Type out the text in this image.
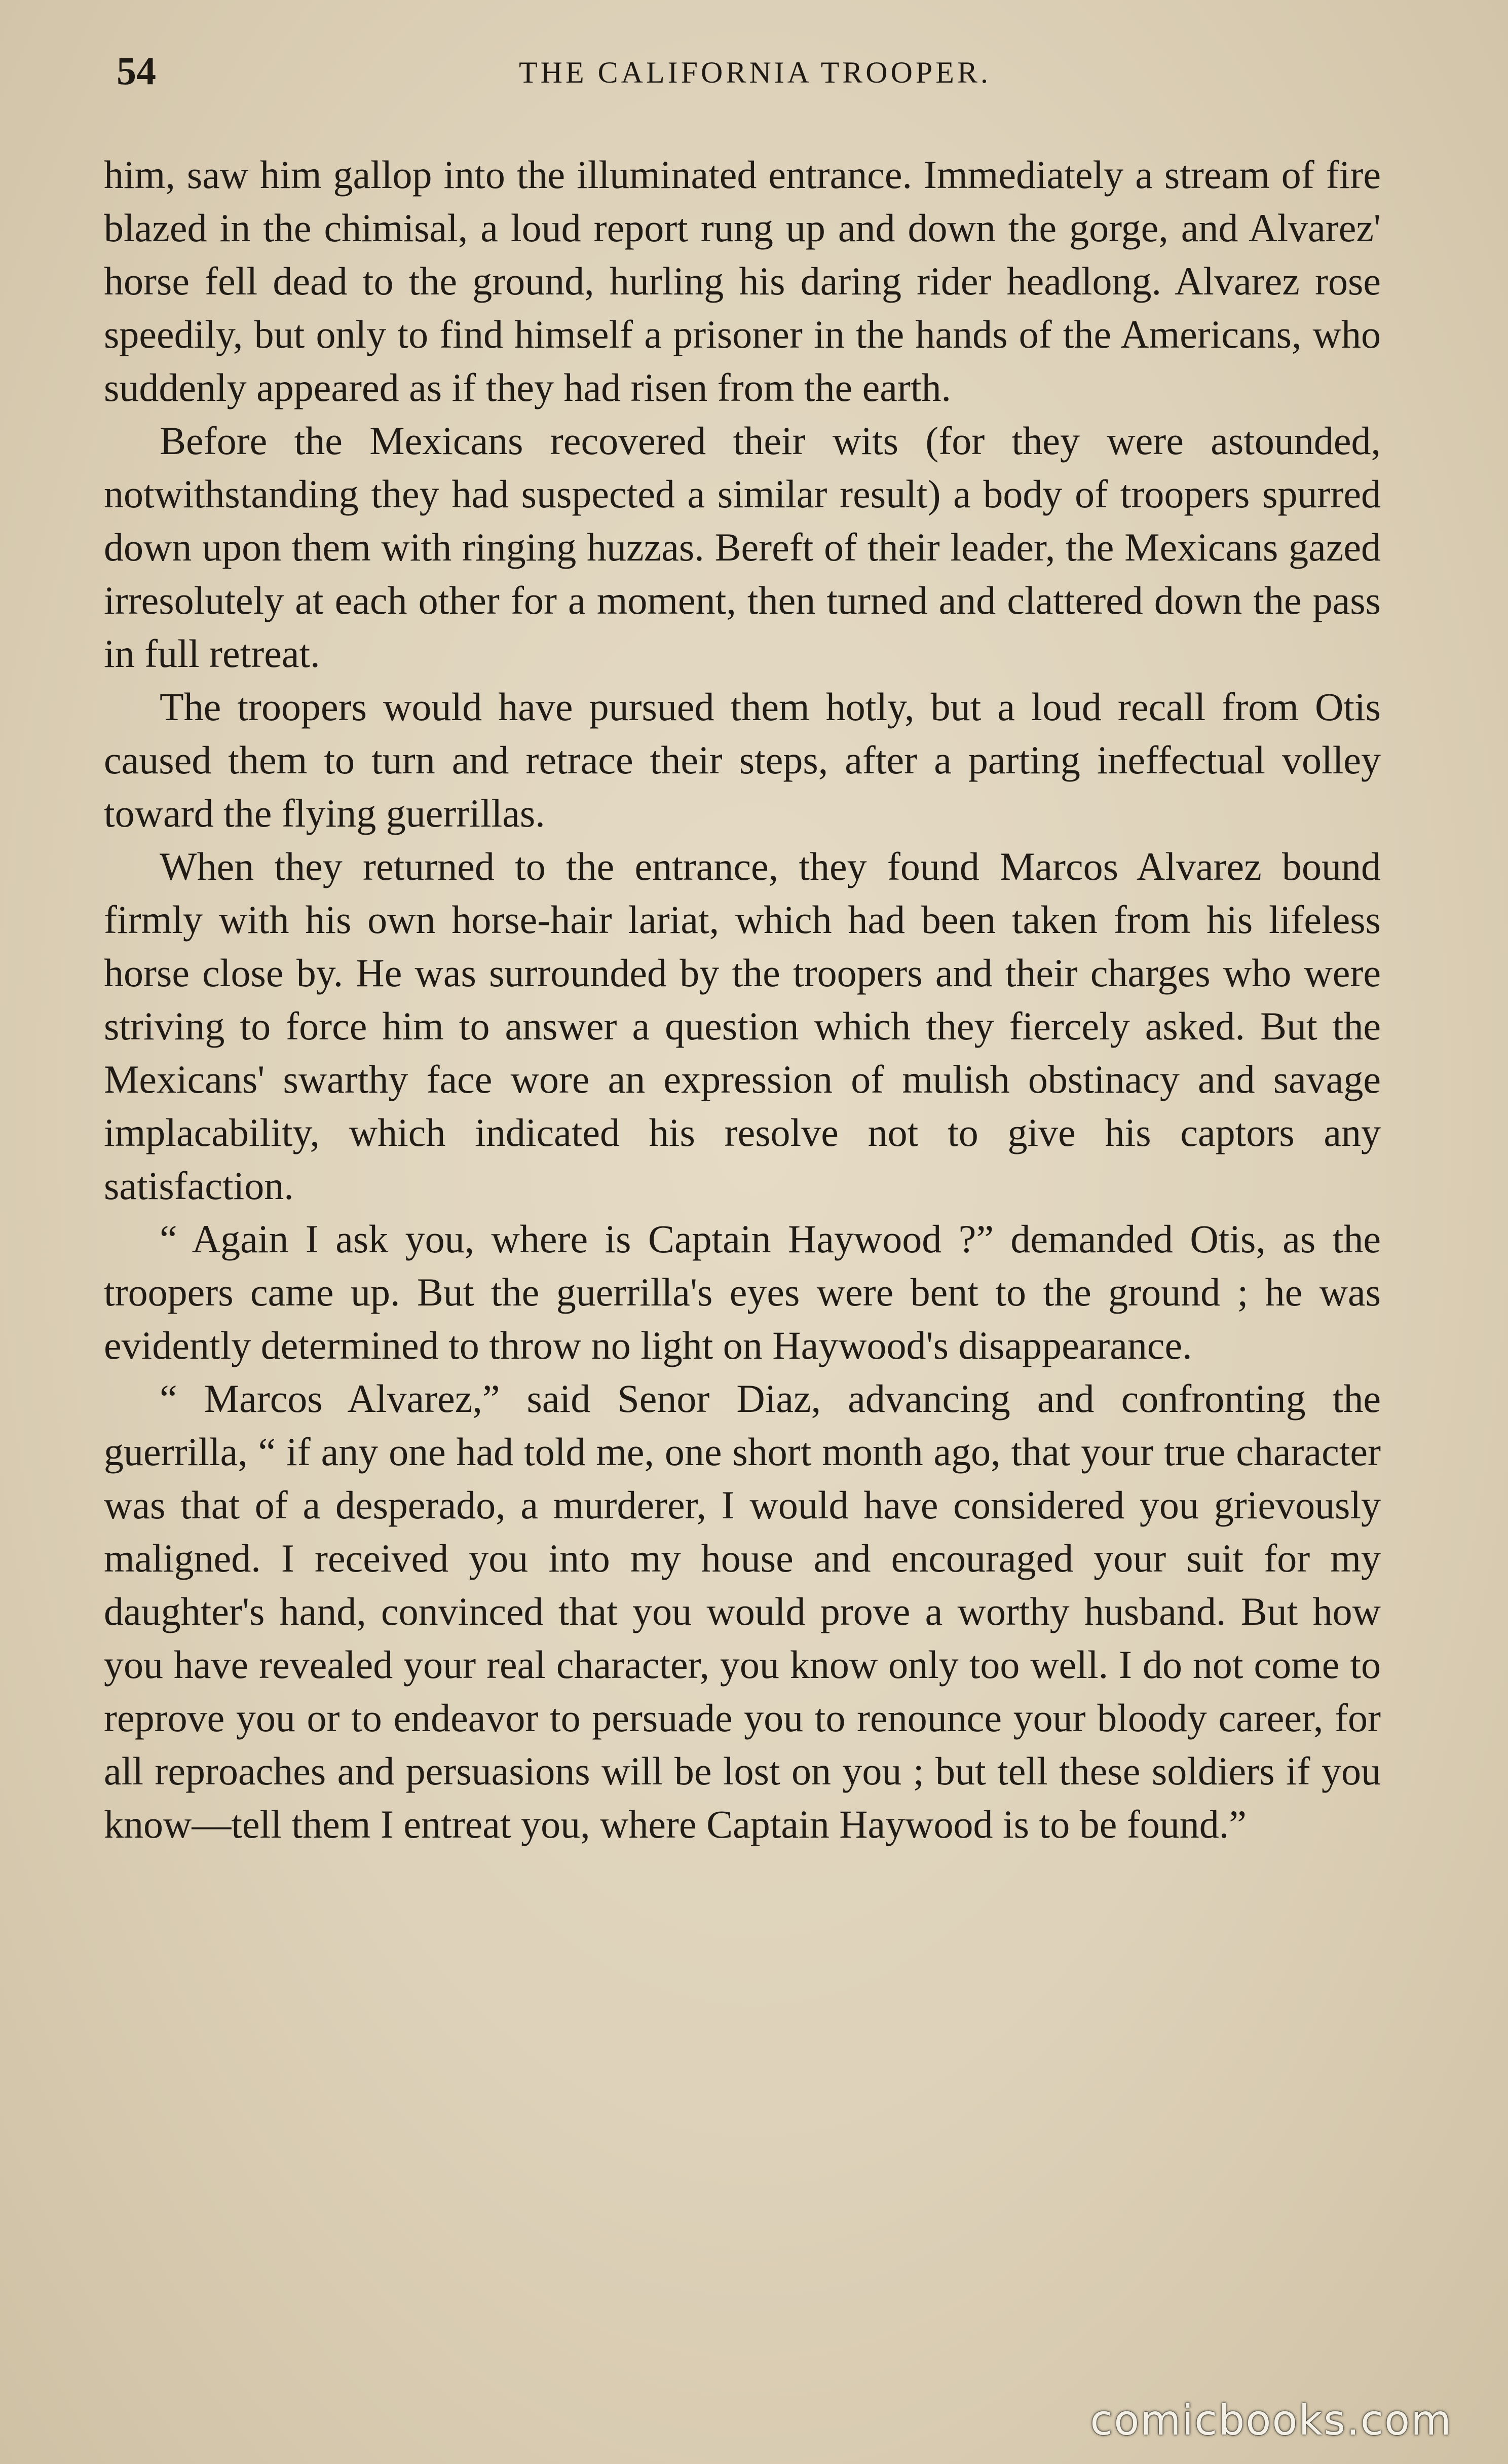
54	THE CALIFORNIA TROOPER.

him, saw him gallop into the illuminated entrance. Immediately a stream of fire blazed in the chimisal, a loud report rung up and down the gorge, and Alvarez' horse fell dead to the ground, hurling his daring rider headlong. Alvarez rose speedily, but only to find himself a prisoner in the hands of the Americans, who suddenly appeared as if they had risen from the earth.

Before the Mexicans recovered their wits (for they were astounded, notwithstanding they had suspected a similar result) a body of troopers spurred down upon them with ringing huzzas. Bereft of their leader, the Mexicans gazed irresolutely at each other for a moment, then turned and clattered down the pass in full retreat.

The troopers would have pursued them hotly, but a loud recall from Otis caused them to turn and retrace their steps, after a parting ineffectual volley toward the flying guerrillas.

When they returned to the entrance, they found Marcos Alvarez bound firmly with his own horse-hair lariat, which had been taken from his lifeless horse close by. He was surrounded by the troopers and their charges who were striving to force him to answer a question which they fiercely asked. But the Mexicans' swarthy face wore an expression of mulish obstinacy and savage implacability, which indicated his resolve not to give his captors any satisfaction.

“ Again I ask you, where is Captain Haywood ?” demanded Otis, as the troopers came up. But the guerrilla's eyes were bent to the ground ; he was evidently determined to throw no light on Haywood's disappearance.

“ Marcos Alvarez,” said Senor Diaz, advancing and confronting the guerrilla, “ if any one had told me, one short month ago, that your true character was that of a desperado, a murderer, I would have considered you grievously maligned. I received you into my house and encouraged your suit for my daughter's hand, convinced that you would prove a worthy husband. But how you have revealed your real character, you know only too well. I do not come to reprove you or to endeavor to persuade you to renounce your bloody career, for all reproaches and persuasions will be lost on you ; but tell these soldiers if you know—tell them I entreat you, where Captain Haywood is to be found.”

comicbooks.com
